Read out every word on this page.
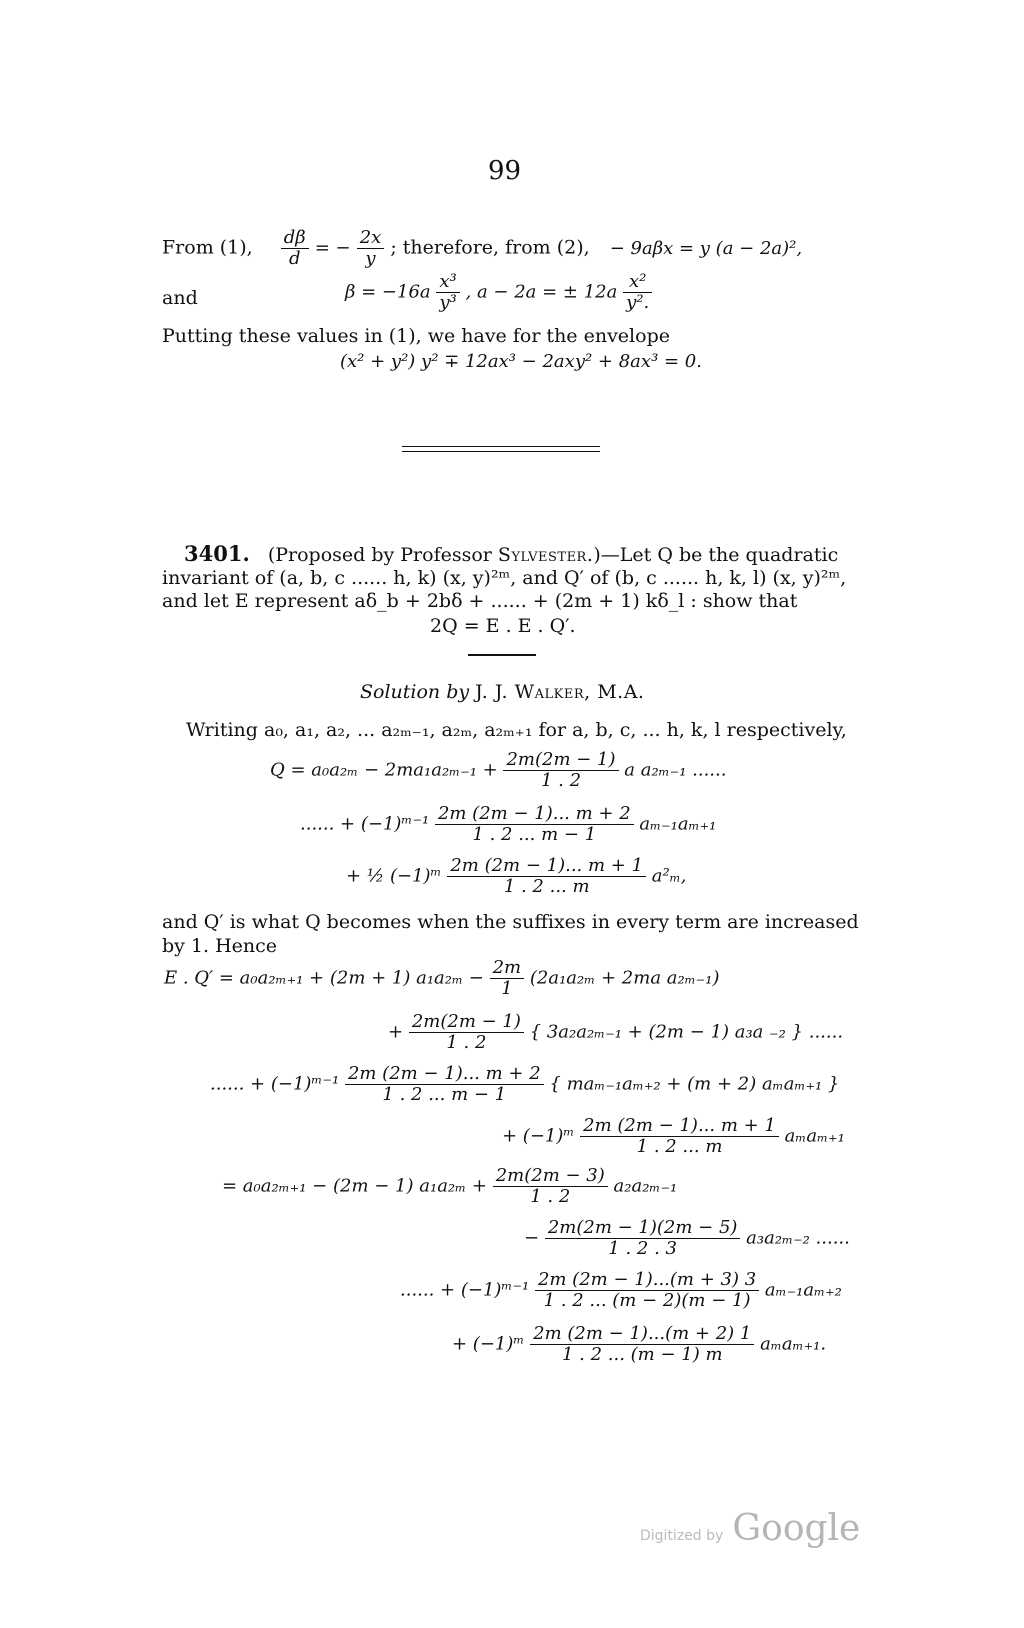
99
From (1), $\frac{d\beta}{d}$ = − $\frac{2x}{y}$ ; therefore, from (2), − 9aβx = y (a − 2a)²,
and	$\beta = -16a \frac{\text{x³}}{\text{y³}}$ , a − 2a = ± $12a \frac{\text{x²}}{\text{y².}}$
Putting these values in (1), we have for the envelope
(x² + y²) y² ∓ 12ax³ − 2axy² + 8ax³ = 0.
3401. (Proposed by Professor Sylvester.)—Let Q be the quadratic
invariant of (a, b, c ...... h, k) (x, y)²ᵐ, and Q′ of (b, c ...... h, k, l) (x, y)²ᵐ,
and let E represent aδ_b + 2bδ + ...... + (2m + 1) kδ_l : show that
2Q = E . E . Q′.
Solution by J. J. Walker, M.A.
Writing a₀, a₁, a₂, ... a₂ₘ₋₁, a₂ₘ, a₂ₘ₊₁ for a, b, c, ... h, k, l respectively,
$Q = a_0a_{2m} - 2ma_1a_{2m-1} + \frac{2m(2m - 1)}{1 . 2}$ a a₂ₘ₋₁ ......
...... + (−1)ᵐ⁻¹ $\frac{2m (2m - 1)... m + 2}{1 . 2 ... m - 1} a_{m-1}a_{m+1}$
+ ½ (−1)ᵐ $\frac{2m (2m - 1)... m + 1}{1 . 2 ... m} a^2_m$,
and Q′ is what Q becomes when the suffixes in every term are increased
by 1. Hence
E . Q′ = a₀a₂ₘ₊₁ + (2m + 1) $a_1a_{2m} - \frac{2m}{1} (2a_1a_{2m} + 2ma$ a₂ₘ₋₁)
+ $\frac{2m(2m - 1)}{1 . 2}$ { 3a₂a₂ₘ₋₁ + (2m − 1) a₃a ₋₂ } ......
...... + (−1)ᵐ⁻¹ $\frac{2m (2m - 1)... m + 2}{1 . 2 ... m - 1}$ { maₘ₋₁aₘ₊₂ + (m + 2) aₘaₘ₊₁ }
+ (−1)ᵐ $\frac{2m (2m - 1)... m + 1}{1 . 2 ... m} a_ma_{m+1}$
= a₀a₂ₘ₊₁ − (2m − 1) $a_1a_{2m} + \frac{2m(2m - 3)}{1 . 2} a_2a_{2m-1}$
− $\frac{2m(2m - 1)(2m - 5)}{1 . 2 . 3} a_3a_{2m-2}$ ......
...... + (−1)ᵐ⁻¹ $\frac{2m (2m - 1)...(m + 3) 3}{1 . 2 ... (m - 2)(m - 1)} a_{m-1}a_{m+2}$
+ (−1)ᵐ $\frac{2m (2m - 1)...(m + 2) 1}{1 . 2 ... (m - 1) m} a_ma_{m+1}$.
Digitized by Google
